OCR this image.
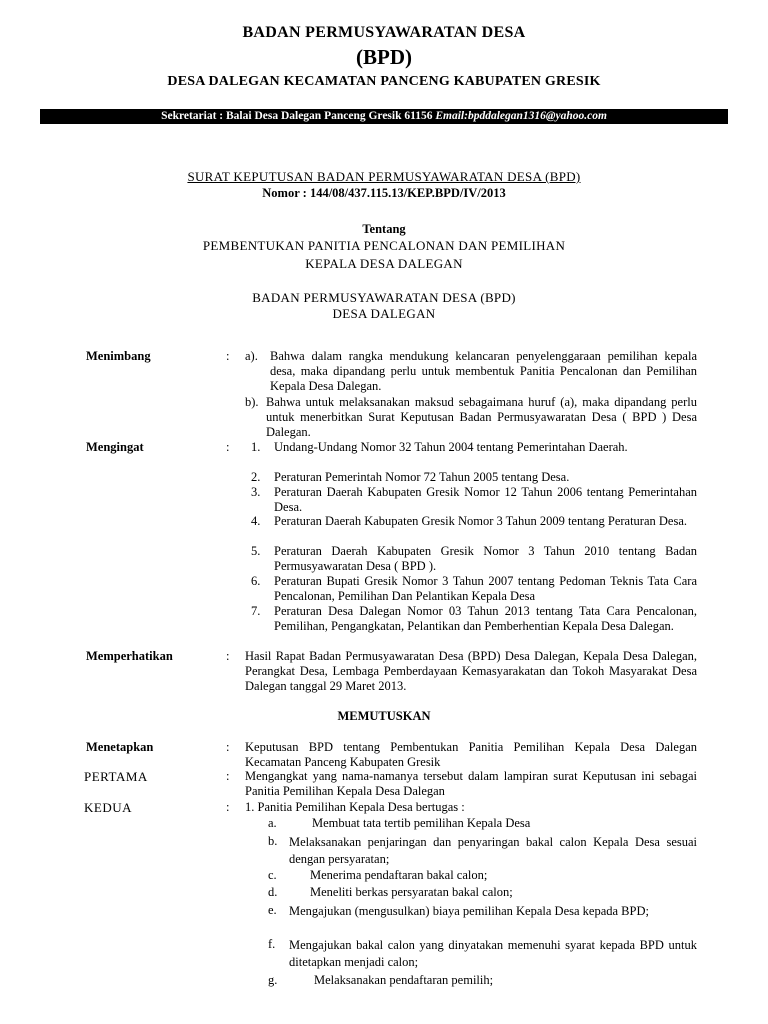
BADAN PERMUSYAWARATAN DESA
(BPD)
DESA DALEGAN KECAMATAN PANCENG KABUPATEN GRESIK
Sekretariat : Balai Desa Dalegan Panceng Gresik 61156 Email:bpddalegan1316@yahoo.com
SURAT KEPUTUSAN BADAN PERMUSYAWARATAN DESA (BPD)
Nomor : 144/08/437.115.13/KEP.BPD/IV/2013
Tentang
PEMBENTUKAN PANITIA PENCALONAN DAN PEMILIHAN
KEPALA DESA DALEGAN
BADAN PERMUSYAWARATAN DESA (BPD)
DESA DALEGAN
Menimbang	: a). Bahwa dalam rangka mendukung kelancaran penyelenggaraan pemilihan kepala desa, maka dipandang perlu untuk membentuk Panitia Pencalonan dan Pemilihan Kepala Desa Dalegan.
b). Bahwa untuk melaksanakan maksud sebagaimana huruf (a), maka dipandang perlu untuk menerbitkan Surat Keputusan Badan Permusyawaratan Desa ( BPD ) Desa Dalegan.
Mengingat	: 1. Undang-Undang Nomor 32 Tahun 2004 tentang Pemerintahan Daerah.
2. Peraturan Pemerintah Nomor 72 Tahun 2005 tentang Desa.
3. Peraturan Daerah Kabupaten Gresik Nomor 12 Tahun 2006 tentang Pemerintahan Desa.
4. Peraturan Daerah Kabupaten Gresik Nomor 3 Tahun 2009 tentang Peraturan Desa.
5. Peraturan Daerah Kabupaten Gresik Nomor 3 Tahun 2010 tentang Badan Permusyawaratan Desa ( BPD ).
6. Peraturan Bupati Gresik Nomor 3 Tahun 2007 tentang Pedoman Teknis Tata Cara Pencalonan, Pemilihan Dan Pelantikan Kepala Desa
7. Peraturan Desa Dalegan Nomor 03 Tahun 2013 tentang Tata Cara Pencalonan, Pemilihan, Pengangkatan, Pelantikan dan Pemberhentian Kepala Desa Dalegan.
Memperhatikan	: Hasil Rapat Badan Permusyawaratan Desa (BPD) Desa Dalegan, Kepala Desa Dalegan, Perangkat Desa, Lembaga Pemberdayaan Kemasyarakatan dan Tokoh Masyarakat Desa Dalegan tanggal 29 Maret 2013.
MEMUTUSKAN
Menetapkan	: Keputusan BPD tentang Pembentukan Panitia Pemilihan Kepala Desa Dalegan Kecamatan Panceng Kabupaten Gresik
PERTAMA	: Mengangkat yang nama-namanya tersebut dalam lampiran surat Keputusan ini sebagai Panitia Pemilihan Kepala Desa Dalegan
KEDUA	: 1. Panitia Pemilihan Kepala Desa bertugas :
a.	Membuat tata tertib pemilihan Kepala Desa
b. Melaksanakan penjaringan dan penyaringan bakal calon Kepala Desa sesuai dengan persyaratan;
c.	Menerima pendaftaran bakal calon;
d.	Meneliti berkas persyaratan bakal calon;
e. Mengajukan (mengusulkan) biaya pemilihan Kepala Desa kepada BPD;
f. Mengajukan bakal calon yang dinyatakan memenuhi syarat kepada BPD untuk ditetapkan menjadi calon;
g.	Melaksanakan pendaftaran pemilih;
